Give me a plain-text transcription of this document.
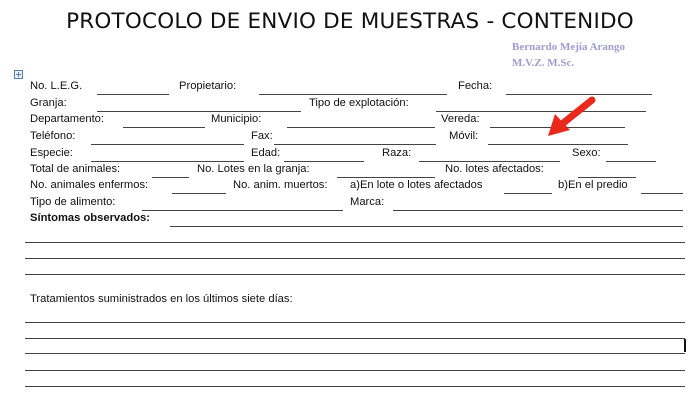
PROTOCOLO DE ENVIO DE MUESTRAS - CONTENIDO
Bernardo Mejía Arango
M.V.Z. M.Sc.
No. L.E.G.	Propietario:	Fecha:
Granja:	Tipo de explotación:
Departamento:	Municipio:	Vereda:
Teléfono:	Fax:	Móvil:
Especie:	Edad:	Raza:	Sexo:
Total de animales:	No. Lotes en la granja:	No. lotes afectados:
No. animales enfermos:	No. anim. muertos: a)En lote o lotes afectados	b)En el predio
Tipo de alimento:	Marca:
Síntomas observados:
Tratamientos suministrados en los últimos siete días:
